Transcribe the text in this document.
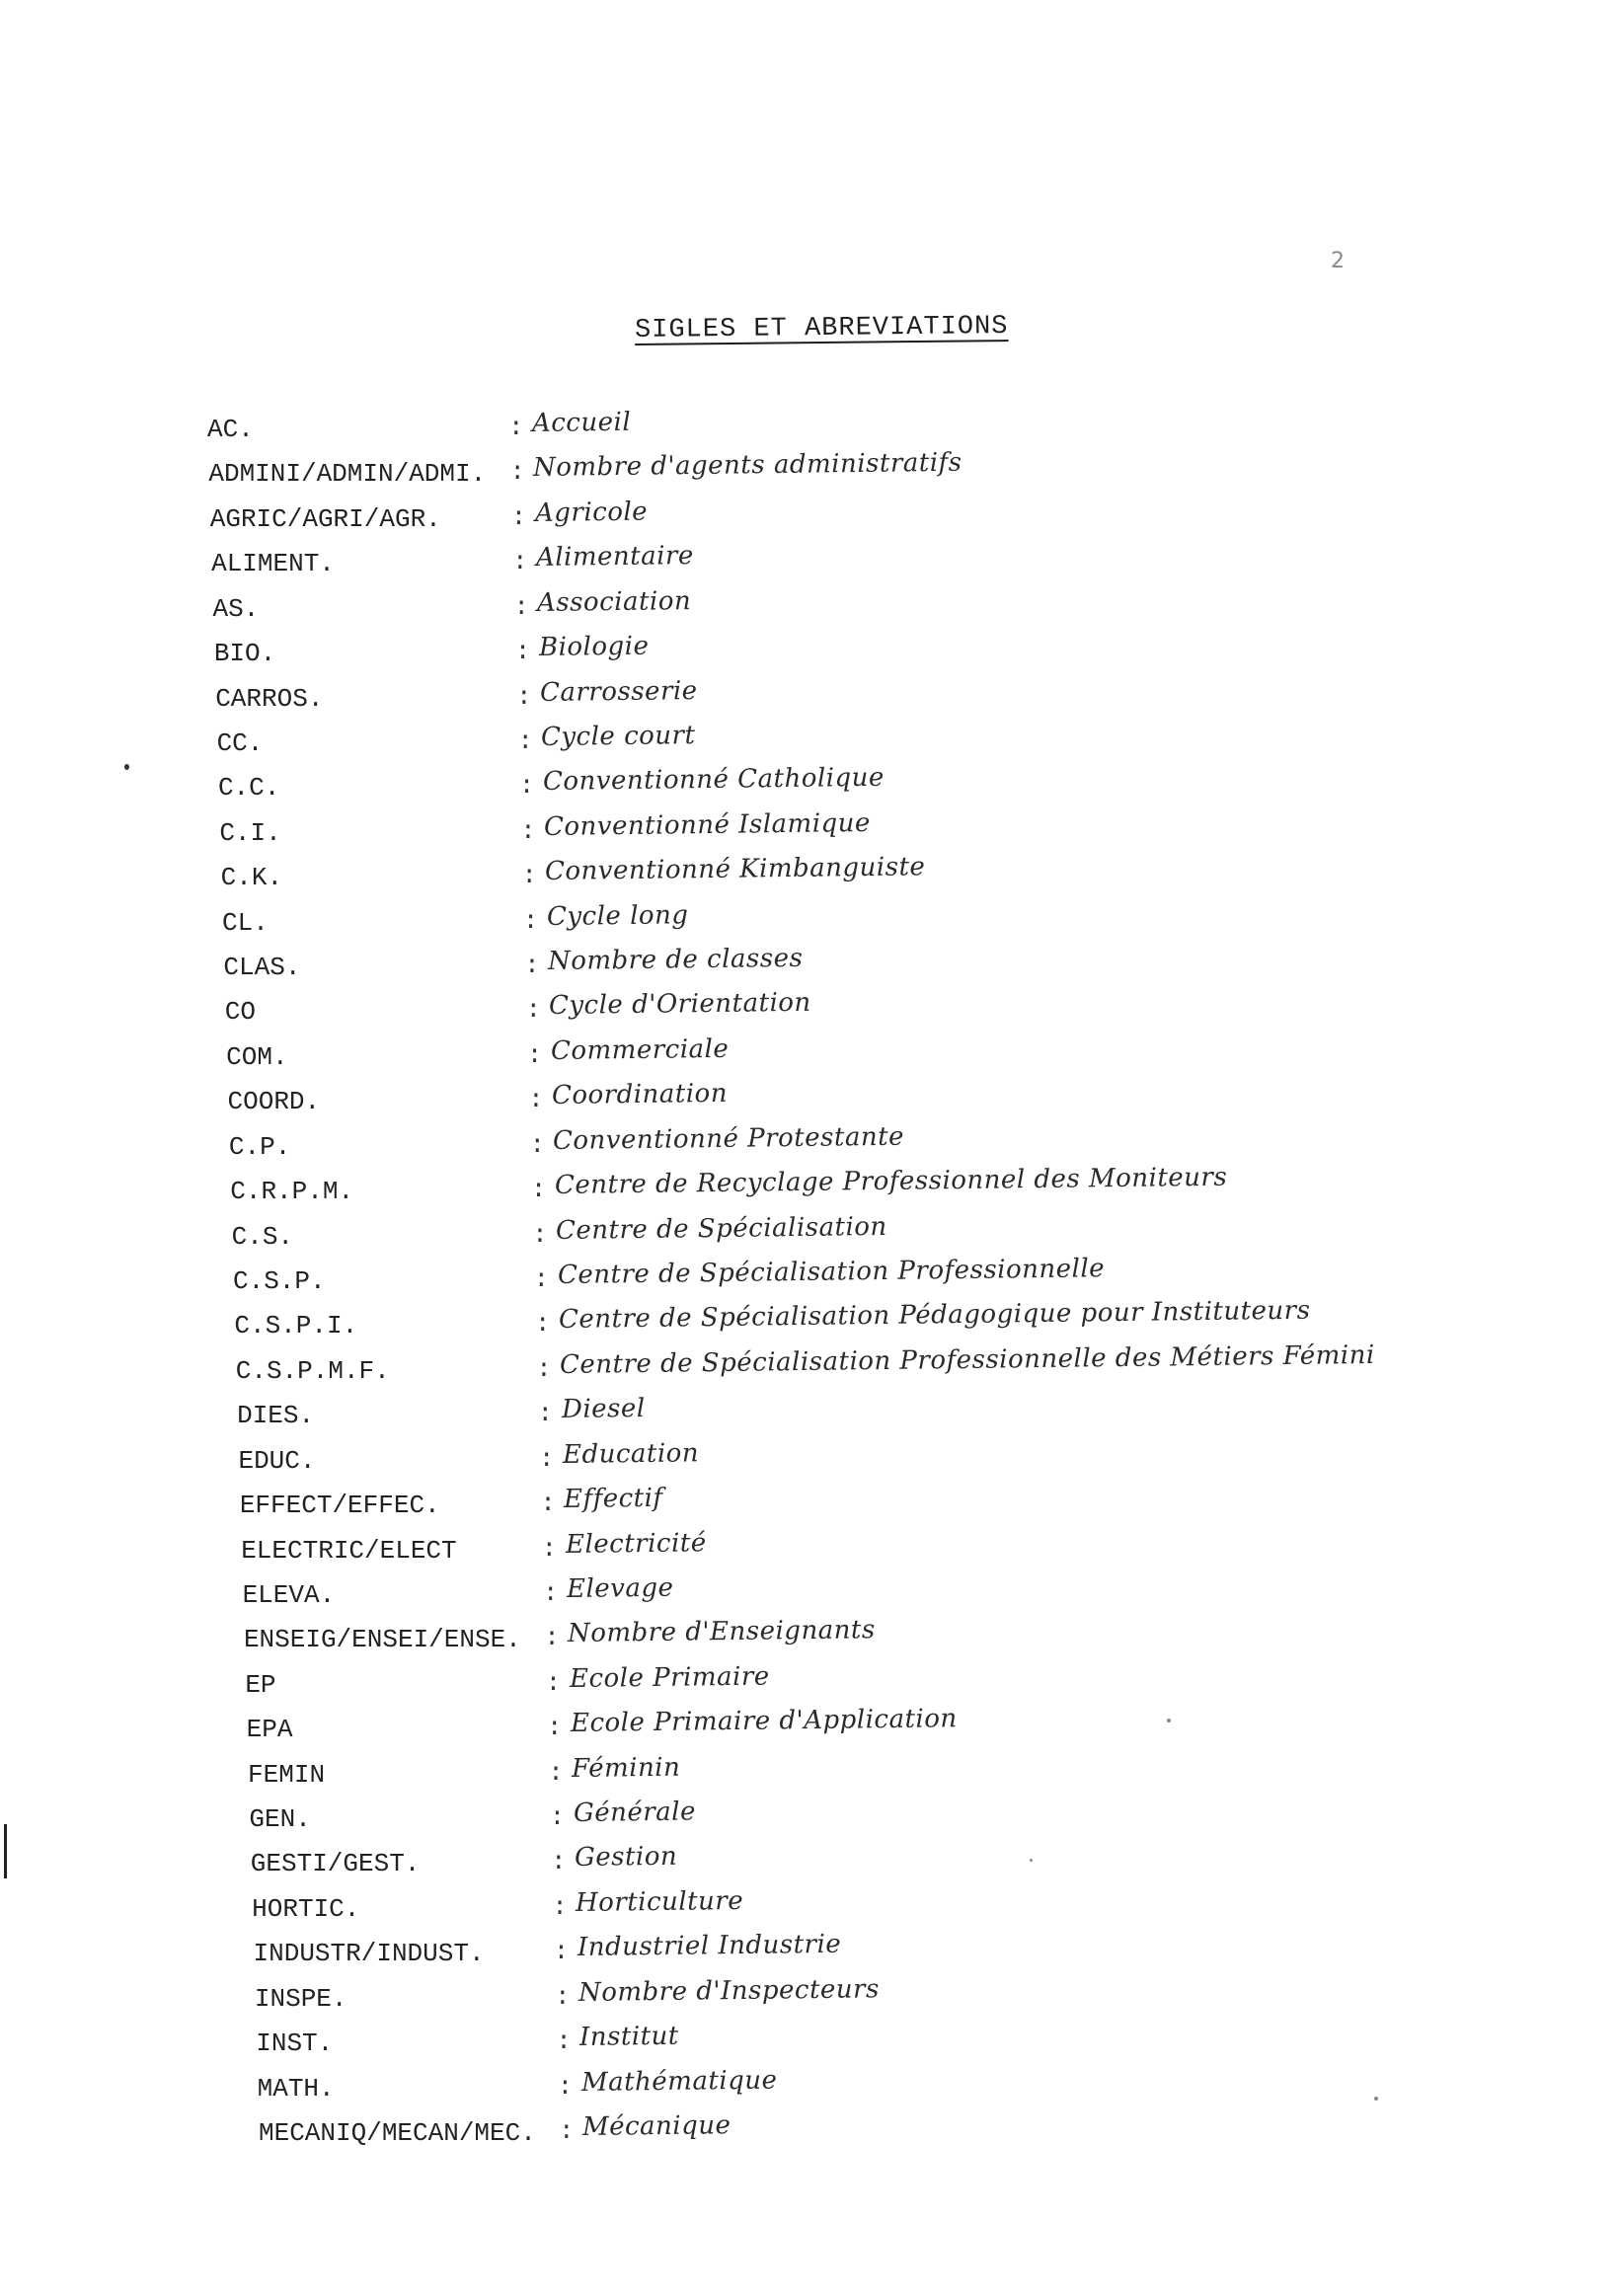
2
SIGLES ET ABREVIATIONS
AC.	: Accueil
ADMINI/ADMIN/ADMI. : Nombre d'agents administratifs
AGRIC/AGRI/AGR.	: Agricole
ALIMENT.	: Alimentaire
AS.	: Association
BIO.	: Biologie
CARROS.	: Carrosserie
CC.	: Cycle court
C.C.	: Conventionné Catholique
C.I.	: Conventionné Islamique
C.K.	: Conventionné Kimbanguiste
CL.	: Cycle long
CLAS.	: Nombre de classes
CO	: Cycle d'Orientation
COM.	: Commerciale
COORD.	: Coordination
C.P.	: Conventionné Protestante
C.R.P.M.	: Centre de Recyclage Professionnel des Moniteurs
C.S.	: Centre de Spécialisation
C.S.P.	: Centre de Spécialisation Professionnelle
C.S.P.I.	: Centre de Spécialisation Pédagogique pour Instituteurs
C.S.P.M.F.	: Centre de Spécialisation Professionnelle des Métiers Fémini
DIES.	: Diesel
EDUC.	: Education
EFFECT/EFFEC.	: Effectif
ELECTRIC/ELECT	: Electricité
ELEVA.	: Elevage
ENSEIG/ENSEI/ENSE. : Nombre d'Enseignants
EP	: Ecole Primaire
EPA	: Ecole Primaire d'Application
FEMIN	: Féminin
GEN.	: Générale
GESTI/GEST.	: Gestion
HORTIC.	: Horticulture
INDUSTR/INDUST.	: Industriel Industrie
INSPE.	: Nombre d'Inspecteurs
INST.	: Institut
MATH.	: Mathématique
MECANIQ/MECAN/MEC. : Mécanique
